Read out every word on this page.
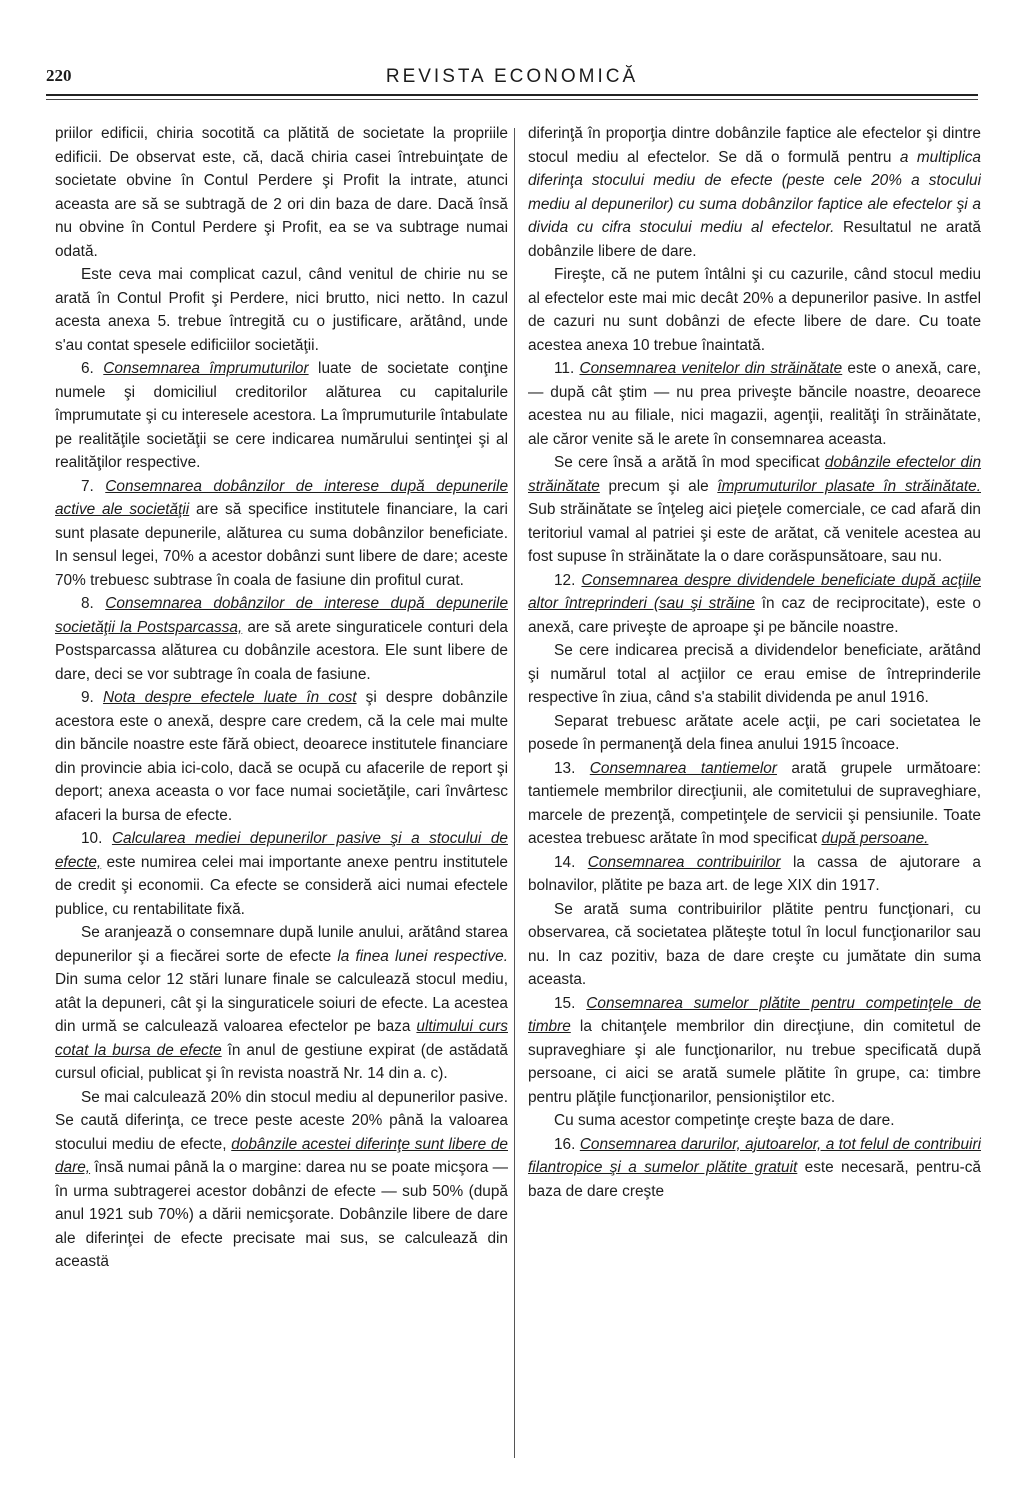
220	REVISTA ECONOMICĂ

priilor edificii, chiria socotită ca plătită de societate la propriile edificii. De observat este, că, dacă chiria casei întrebuinţate de societate obvine în Contul Perdere şi Profit la intrate, atunci aceasta are să se subtragă de 2 ori din baza de dare. Dacă însă nu obvine în Contul Perdere şi Profit, ea se va subtrage numai odată.

Este ceva mai complicat cazul, când venitul de chirie nu se arată în Contul Profit şi Perdere, nici brutto, nici netto. In cazul acesta anexa 5. trebue întregită cu o justificare, arătând, unde s'au contat spesele edificiilor societăţii.

6. Consemnarea împrumuturilor luate de societate conţine numele şi domiciliul creditorilor alăturea cu capitalurile împrumutate şi cu interesele acestora. La împrumuturile întabulate pe realităţile societăţii se cere indicarea numărului sentinţei şi al realităţilor respective.

7. Consemnarea dobânzilor de interese după depunerile active ale societăţii are să specifice institutele financiare, la cari sunt plasate depunerile, alăturea cu suma dobânzilor beneficiate. In sensul legei, 70% a acestor dobânzi sunt libere de dare; aceste 70% trebuesc subtrase în coala de fasiune din profitul curat.

8. Consemnarea dobânzilor de interese după depunerile societăţii la Postsparcassa, are să arete singuraticele conturi dela Postsparcassa alăturea cu dobânzile acestora. Ele sunt libere de dare, deci se vor subtrage în coala de fasiune.

9. Nota despre efectele luate în cost şi despre dobânzile acestora este o anexă, despre care credem, că la cele mai multe din băncile noastre este fără obiect, deoarece institutele financiare din provincie abia ici-colo, dacă se ocupă cu afacerile de report şi deport; anexa aceasta o vor face numai societăţile, cari învârtesc afaceri la bursa de efecte.

10. Calcularea mediei depunerilor pasive şi a stocului de efecte, este numirea celei mai importante anexe pentru institutele de credit şi economii. Ca efecte se consideră aici numai efectele publice, cu rentabilitate fixă.

Se aranjează o consemnare după lunile anului, arătând starea depunerilor şi a fiecărei sorte de efecte la finea lunei respective. Din suma celor 12 stări lunare finale se calculează stocul mediu, atât la depuneri, cât şi la singuraticele soiuri de efecte. La acestea din urmă se calculează valoarea efectelor pe baza ultimului curs cotat la bursa de efecte în anul de gestiune expirat (de astădată cursul oficial, publicat şi în revista noastră Nr. 14 din a. c).

Se mai calculează 20% din stocul mediu al depunerilor pasive. Se caută diferinţa, ce trece peste aceste 20% până la valoarea stocului mediu de efecte, dobânzile acestei diferinţe sunt libere de dare, însă numai până la o margine: darea nu se poate micşora — în urma subtragerei acestor dobânzi de efecte — sub 50% (după anul 1921 sub 70%) a dării nemicşorate. Dobânzile libere de dare ale diferinţei de efecte precisate mai sus, se calculează din aceastä

diferinţă în proporţia dintre dobânzile faptice ale efectelor şi dintre stocul mediu al efectelor. Se dă o formulă pentru a multiplica diferinţa stocului mediu de efecte (peste cele 20% a stocului mediu al depunerilor) cu suma dobânzilor faptice ale efectelor şi a divida cu cifra stocului mediu al efectelor. Resultatul ne arată dobânzile libere de dare.

Fireşte, că ne putem întâlni şi cu cazurile, când stocul mediu al efectelor este mai mic decât 20% a depunerilor pasive. In astfel de cazuri nu sunt dobânzi de efecte libere de dare. Cu toate acestea anexa 10 trebue înaintată.

11. Consemnarea venitelor din străinătate este o anexă, care, — după cât ştim — nu prea priveşte băncile noastre, deoarece acestea nu au filiale, nici magazii, agenţii, realităţi în străinătate, ale căror venite să le arete în consemnarea aceasta.

Se cere însă a arătă în mod specificat dobânzile efectelor din străinătate precum şi ale împrumuturilor plasate în străinătate. Sub străinătate se înţeleg aici pieţele comerciale, ce cad afară din teritoriul vamal al patriei şi este de arătat, că venitele acestea au fost supuse în străinătate la o dare corăspunsătoare, sau nu.

12. Consemnarea despre dividendele beneficiate după acţiile altor întreprinderi (sau şi străine în caz de reciprocitate), este o anexă, care priveşte de aproape şi pe băncile noastre.

Se cere indicarea precisă a dividendelor beneficiate, arătând şi numărul total al acţiilor ce erau emise de întreprinderile respective în ziua, când s'a stabilit dividenda pe anul 1916.

Separat trebuesc arătate acele acţii, pe cari societatea le posede în permanenţă dela finea anului 1915 încoace.

13. Consemnarea tantiemelor arată grupele următoare: tantiemele membrilor direcţiunii, ale comitetului de supraveghiare, marcele de prezenţă, competinţele de servicii şi pensiunile. Toate acestea trebuesc arătate în mod specificat după persoane.

14. Consemnarea contribuirilor la cassa de ajutorare a bolnavilor, plătite pe baza art. de lege XIX din 1917.

Se arată suma contribuirilor plătite pentru funcţionari, cu observarea, că societatea plăteşte totul în locul funcţionarilor sau nu. In caz pozitiv, baza de dare creşte cu jumătate din suma aceasta.

15. Consemnarea sumelor plătite pentru competinţele de timbre la chitanţele membrilor din direcţiune, din comitetul de supraveghiare şi ale funcţionarilor, nu trebue specificată după persoane, ci aici se arată sumele plătite în grupe, ca: timbre pentru plăţile funcţionarilor, pensioniştilor etc.

Cu suma acestor competinţe creşte baza de dare.

16. Consemnarea darurilor, ajutoarelor, a tot felul de contribuiri filantropice şi a sumelor plătite gratuit este necesară, pentru-că baza de dare creşte
